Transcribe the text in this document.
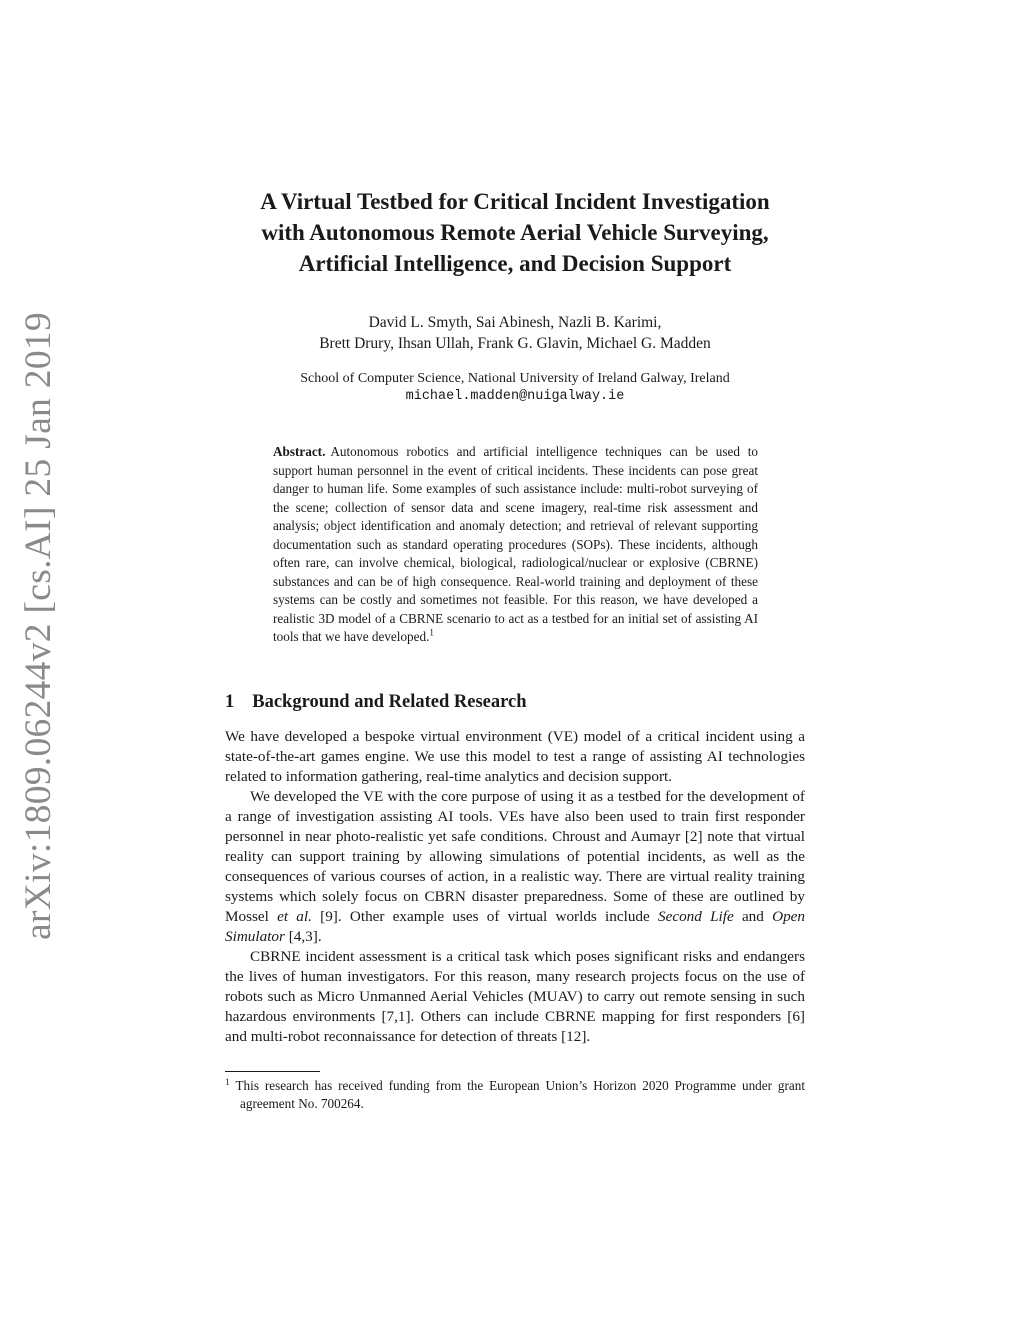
arXiv:1809.06244v2 [cs.AI] 25 Jan 2019
A Virtual Testbed for Critical Incident Investigation
with Autonomous Remote Aerial Vehicle Surveying,
Artificial Intelligence, and Decision Support
David L. Smyth, Sai Abinesh, Nazli B. Karimi,
Brett Drury, Ihsan Ullah, Frank G. Glavin, Michael G. Madden
School of Computer Science, National University of Ireland Galway, Ireland
michael.madden@nuigalway.ie

Abstract. Autonomous robotics and artificial intelligence techniques can be used to support human personnel in the event of critical incidents. These incidents can pose great danger to human life. Some examples of such assistance include: multi-robot surveying of the scene; collection of sensor data and scene imagery, real-time risk assessment and analysis; object identification and anomaly detection; and retrieval of relevant supporting documentation such as standard operating procedures (SOPs). These incidents, although often rare, can involve chemical, biological, radiological/nuclear or explosive (CBRNE) substances and can be of high consequence. Real-world training and deployment of these systems can be costly and sometimes not feasible. For this reason, we have developed a realistic 3D model of a CBRNE scenario to act as a testbed for an initial set of assisting AI tools that we have developed.$^1$

1 Background and Related Research

We have developed a bespoke virtual environment (VE) model of a critical incident using a state-of-the-art games engine. We use this model to test a range of assisting AI technologies related to information gathering, real-time analytics and decision support.

We developed the VE with the core purpose of using it as a testbed for the development of a range of investigation assisting AI tools. VEs have also been used to train first responder personnel in near photo-realistic yet safe conditions. Chroust and Aumayr [2] note that virtual reality can support training by allowing simulations of potential incidents, as well as the consequences of various courses of action, in a realistic way. There are virtual reality training systems which solely focus on CBRN disaster preparedness. Some of these are outlined by Mossel et al. [9]. Other example uses of virtual worlds include Second Life and Open Simulator [4,3].

CBRNE incident assessment is a critical task which poses significant risks and endangers the lives of human investigators. For this reason, many research projects focus on the use of robots such as Micro Unmanned Aerial Vehicles (MUAV) to carry out remote sensing in such hazardous environments [7,1]. Others can include CBRNE mapping for first responders [6] and multi-robot reconnaissance for detection of threats [12].

$^1$ This research has received funding from the European Union’s Horizon 2020 Programme under grant agreement No. 700264.
